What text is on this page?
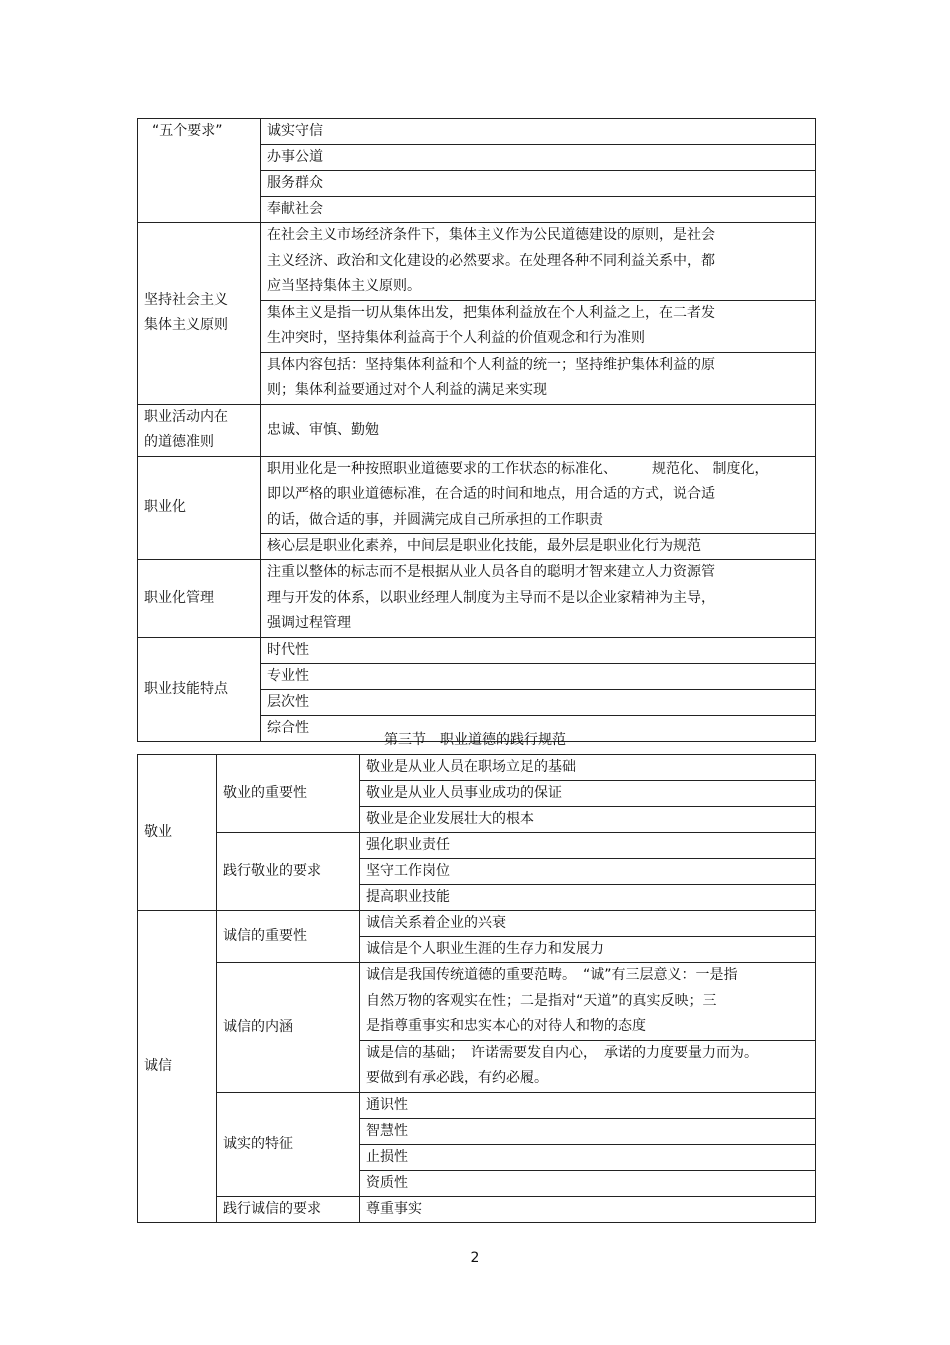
“五个要求”	诚实守信
	办事公道
	服务群众
	奉献社会

坚持社会主义
集体主义原则	在社会主义市场经济条件下，集体主义作为公民道德建设的原则，是社会
主义经济、政治和文化建设的必然要求。在处理各种不同利益关系中，都
应当坚持集体主义原则。

	集体主义是指一切从集体出发，把集体利益放在个人利益之上，在二者发
生冲突时，坚持集体利益高于个人利益的价值观念和行为准则

	具体内容包括：坚持集体利益和个人利益的统一；坚持维护集体利益的原
则；集体利益要通过对个人利益的满足来实现

职业活动内在
的道德准则	忠诚、审慎、勤勉
职业化	职用业化是一种按照职业道德要求的工作状态的标准化、　　　规范化、 制度化，
即以严格的职业道德标准，在合适的时间和地点，用合适的方式，说合适
的话，做合适的事，并圆满完成自己所承担的工作职责

	核心层是职业化素养，中间层是职业化技能，最外层是职业化行为规范
职业化管理	注重以整体的标志而不是根据从业人员各自的聪明才智来建立人力资源管
理与开发的体系，以职业经理人制度为主导而不是以企业家精神为主导，
强调过程管理

职业技能特点	时代性
	专业性
	层次性
	综合性
第三节　职业道德的践行规范
敬业	敬业的重要性	敬业是从业人员在职场立足的基础
		敬业是从业人员事业成功的保证
		敬业是企业发展壮大的根本
	践行敬业的要求	强化职业责任
		坚守工作岗位
		提高职业技能
诚信	诚信的重要性	诚信关系着企业的兴衰
		诚信是个人职业生涯的生存力和发展力
	诚信的内涵	诚信是我国传统道德的重要范畴。　“诚”有三层意义：一是指
自然万物的客观实在性；二是指对“天道”的真实反映；三
是指尊重事实和忠实本心的对待人和物的态度

		诚是信的基础；　许诺需要发自内心，　承诺的力度要量力而为。
要做到有承必践，有约必履。

	诚实的特征	通识性
		智慧性
		止损性
		资质性
	践行诚信的要求	尊重事实
2
